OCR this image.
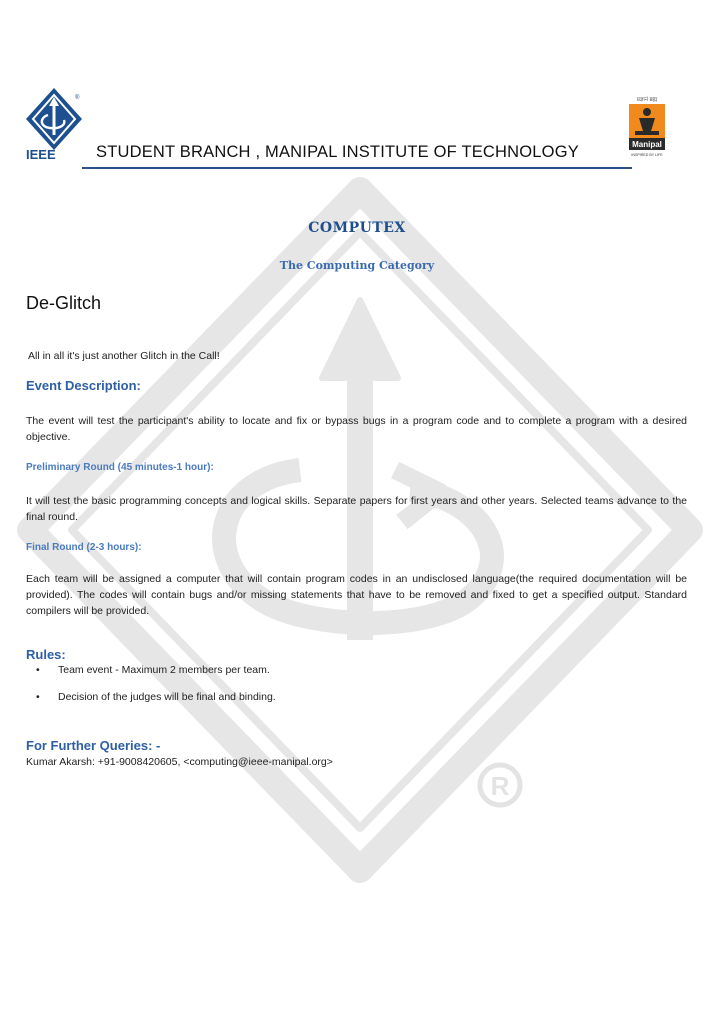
R
®
IEEE
प्रज्ञानं ब्रह्म
Manipal
INSPIRED BY LIFE
STUDENT BRANCH , MANIPAL INSTITUTE OF TECHNOLOGY
COMPUTEX
The Computing Category
De-Glitch
All in all it's just another Glitch in the Call!
Event Description:
The event will test the participant's ability to locate and fix or bypass bugs in a program code and to complete a program with a desired objective.
Preliminary Round (45 minutes-1 hour):
It will test the basic programming concepts and logical skills. Separate papers for first years and other years. Selected teams advance to the final round.
Final Round (2-3 hours):
Each team will be assigned a computer that will contain program codes in an undisclosed language(the required documentation will be provided). The codes will contain bugs and/or missing statements that have to be removed and fixed to get a specified output. Standard compilers will be provided.
Rules:
• Team event - Maximum 2 members per team.
• Decision of the judges will be final and binding.
For Further Queries: -
Kumar Akarsh: +91-9008420605, <computing@ieee-manipal.org>
